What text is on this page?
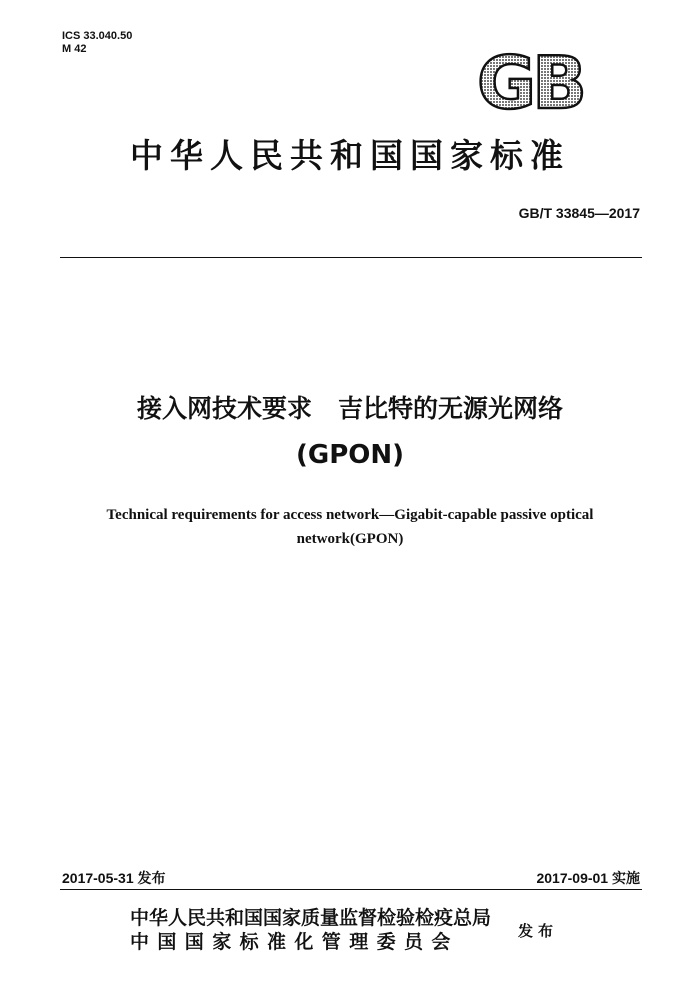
ICS 33.040.50
M 42	GB
中华人民共和国国家标准
GB/T 33845—2017
接入网技术要求 吉比特的无源光网络
(GPON)
Technical requirements for access network—Gigabit-capable passive optical
network(GPON)
2017-05-31 发布	2017-09-01 实施
中华人民共和国国家质量监督检验检疫总局
中国国家标准化管理委员会	发布
